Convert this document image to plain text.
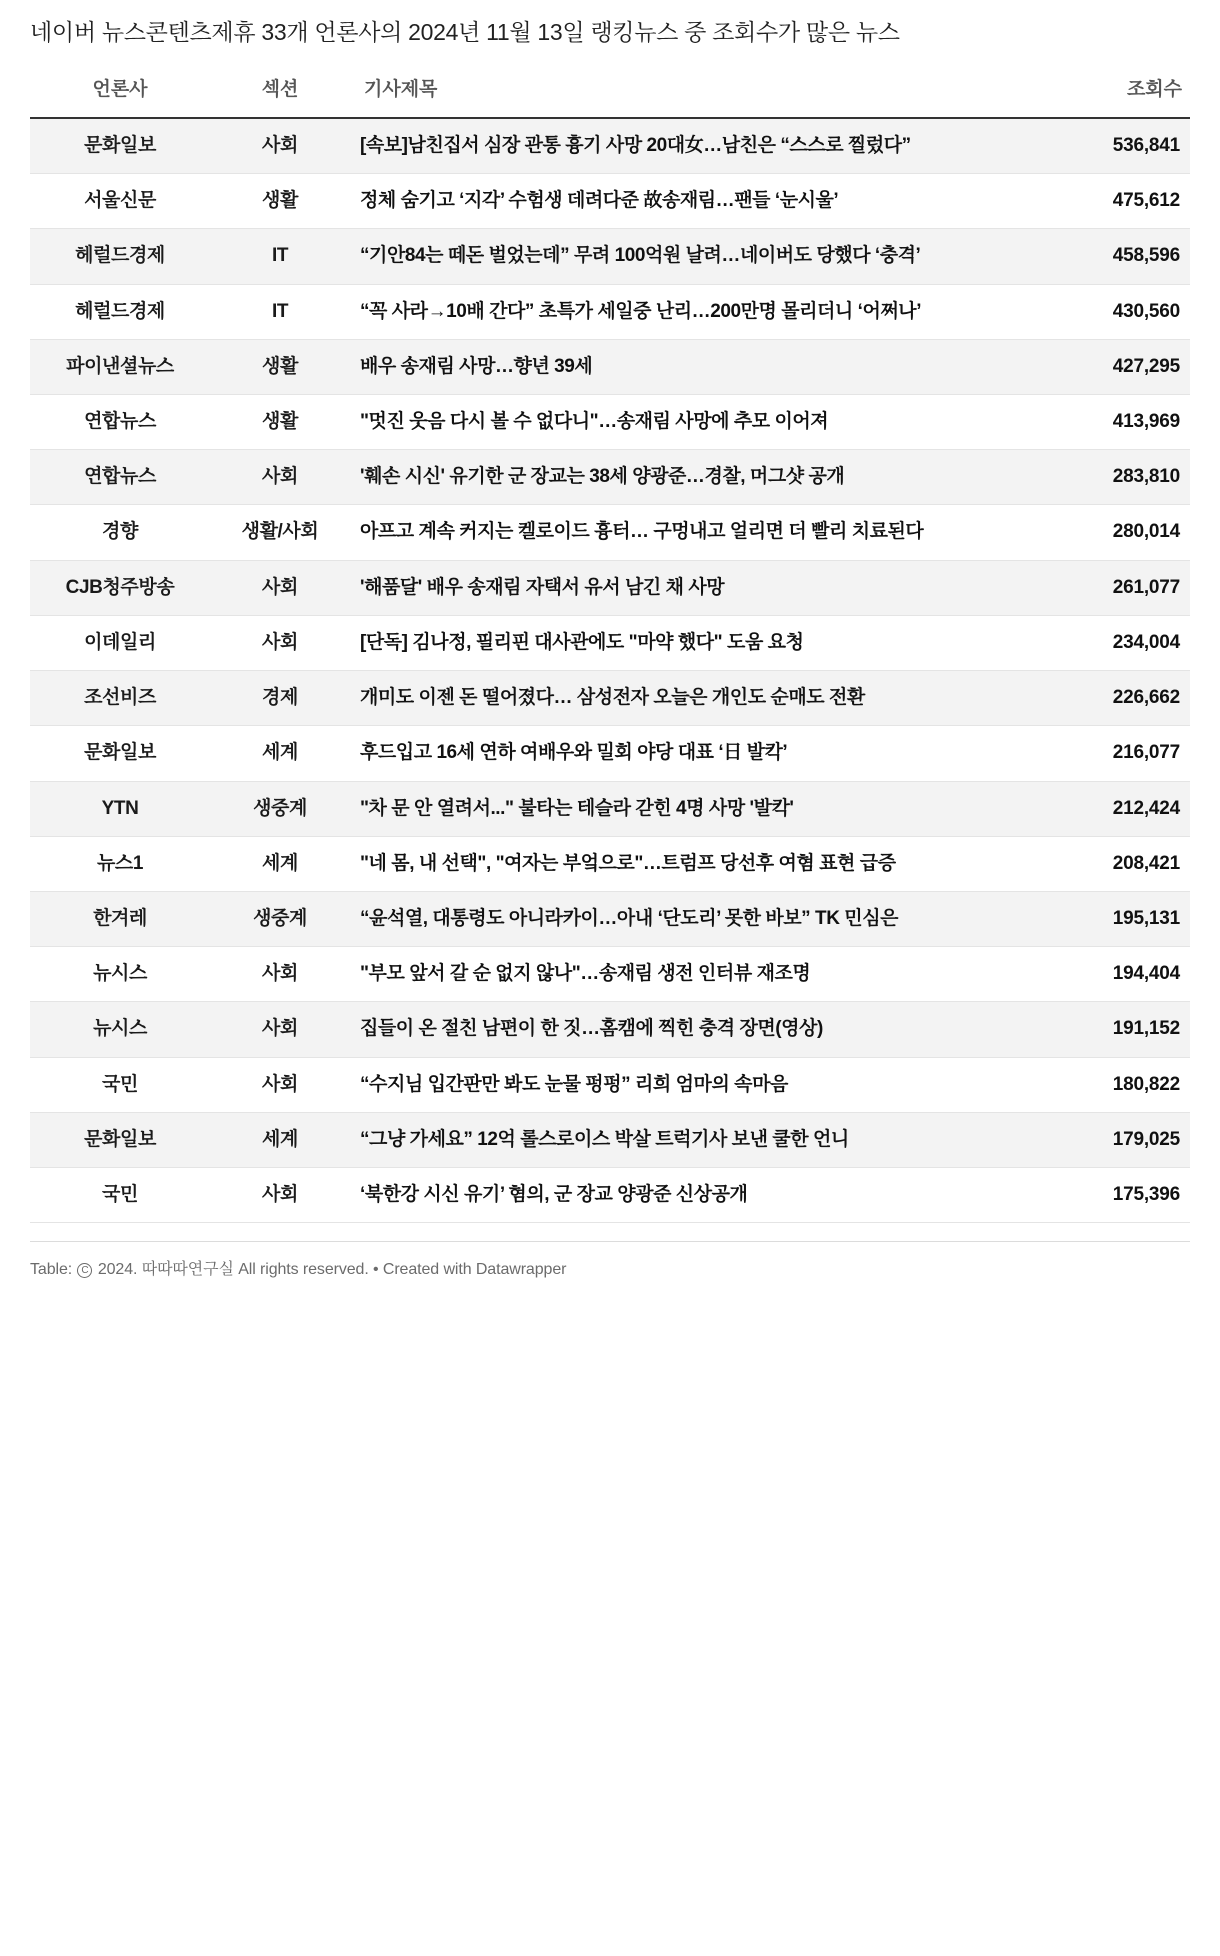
네이버 뉴스콘텐츠제휴 33개 언론사의 2024년 11월 13일 랭킹뉴스 중 조회수가 많은 뉴스
언론사	섹션	기사제목	조회수
문화일보	사회	[속보]남친집서 심장 관통 흉기 사망 20대女…남친은 “스스로 찔렀다”	536,841
서울신문	생활	정체 숨기고 ‘지각’ 수험생 데려다준 故송재림…팬들 ‘눈시울’	475,612
헤럴드경제	IT	“기안84는 떼돈 벌었는데” 무려 100억원 날려…네이버도 당했다 ‘충격’	458,596
헤럴드경제	IT	“꼭 사라→10배 간다” 초특가 세일중 난리…200만명 몰리더니 ‘어쩌나’	430,560
파이낸셜뉴스	생활	배우 송재림 사망…향년 39세	427,295
연합뉴스	생활	"멋진 웃음 다시 볼 수 없다니"…송재림 사망에 추모 이어져	413,969
연합뉴스	사회	'훼손 시신' 유기한 군 장교는 38세 양광준…경찰, 머그샷 공개	283,810
경향	생활/사회	아프고 계속 커지는 켈로이드 흉터… 구멍내고 얼리면 더 빨리 치료된다	280,014
CJB청주방송	사회	'해품달' 배우 송재림 자택서 유서 남긴 채 사망	261,077
이데일리	사회	[단독] 김나정, 필리핀 대사관에도 "마약 했다" 도움 요청	234,004
조선비즈	경제	개미도 이젠 돈 떨어졌다… 삼성전자 오늘은 개인도 순매도 전환	226,662
문화일보	세계	후드입고 16세 연하 여배우와 밀회 야당 대표 ‘日 발칵’	216,077
YTN	생중계	"차 문 안 열려서..." 불타는 테슬라 갇힌 4명 사망 '발칵'	212,424
뉴스1	세계	"네 몸, 내 선택", "여자는 부엌으로"…트럼프 당선후 여혐 표현 급증	208,421
한겨레	생중계	“윤석열, 대통령도 아니라카이…아내 ‘단도리’ 못한 바보” TK 민심은	195,131
뉴시스	사회	"부모 앞서 갈 순 없지 않나"…송재림 생전 인터뷰 재조명	194,404
뉴시스	사회	집들이 온 절친 남편이 한 짓…홈캠에 찍힌 충격 장면(영상)	191,152
국민	사회	“수지님 입간판만 봐도 눈물 펑펑” 리희 엄마의 속마음	180,822
문화일보	세계	“그냥 가세요” 12억 롤스로이스 박살 트럭기사 보낸 쿨한 언니	179,025
국민	사회	‘북한강 시신 유기’ 혐의, 군 장교 양광준 신상공개	175,396
Table: C 2024. 따따따연구실 All rights reserved. • Created with Datawrapper
